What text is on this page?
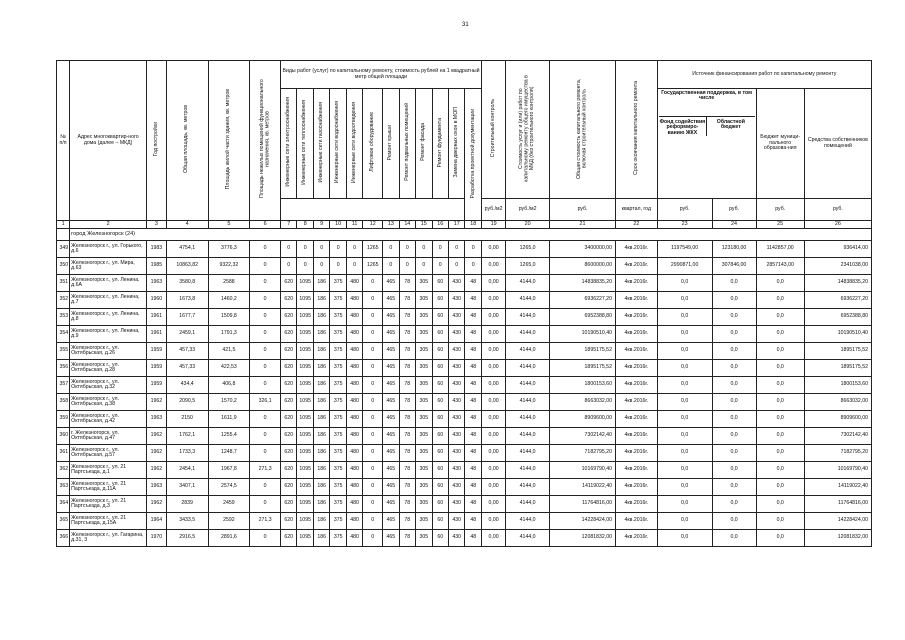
31
№ п/п	Адрес многоквартир-ного дома (далее – МКД)	Год постройки	Общая площадь, кв. метров	Площадь жилой части здания, кв. метров	Площадь нежилых помещений функционального назначения, кв. метров	Виды работ (услуг) по капитальному ремонту, стоимость рублей на 1 квадратный метр общей площади												Строительный контроль	Стоимость услуг и (или) работ по капитальному ремонту общего имущества в МКД (без строительного контроля)	Общая стоимость капитального ремонта, включая строительный контроль	Срок окончания капитального ремонта	Источник финансирования работ по капитальному ремонту			
						Инженерные сети электроснабжения	Инженерные сети теплоснабжения	Инженерные сети газоснабжения	Инженерные сети водоснабжения	Инженерные сети водоотведения	Лифтовое оборудование	Ремонт крыши	Ремонт подвальных помещений	Ремонт фасада	Ремонт фундамента	Замена дверных окон в МОП	Разработка проектной документации					Государственная поддержка, в том числе
Фонд содействия реформиро-ванию ЖКХ
Областной бюджет		Бюджет муници-пального образова-ния	Средства собственников помещений
																		руб./м2	руб./м2	руб.	квартал, год	руб.	руб.	руб.	руб.
1	2	3	4	5	6	7	8	9	10	11	12	13	14	15	16	17	18	19	20	21	22	23	24	25	26
	город Железногорск (24)																								
349	Железногорск г., ул. Горького, д.6	1983	4754,1	3776,3	0	0	0	0	0	0	1265	0	0	0	0	0	0	0,00	1265,0	3400000,00	4кв.2016г.	1197549,00	123180,00	1142857,00	936414,00
350	Железногорск г., ул. Мира, д.63	1985	10863,82	9322,32	0	0	0	0	0	0	1265	0	0	0	0	0	0	0,00	1265,0	8600000,00	4кв.2016г.	2990871,00	307846,00	2857143,00	2341038,00
351	Железногорск г., ул. Ленина, д.6А	1963	3580,8	2588	0	620	1095	186	375	480	0	465	78	305	60	430	48	0,00	4144,0	14838835,20	4кв.2016г.	0,0	0,0	0,0	14838835,20
352	Железногорск г., ул. Ленина, д.7	1960	1673,8	1460,2	0	620	1095	186	375	480	0	465	78	305	60	430	48	0,00	4144,0	6936227,20	4кв.2016г.	0,0	0,0	0,0	6936227,20
353	Железногорск г., ул. Ленина, д.8	1961	1677,7	1509,8	0	620	1095	186	375	480	0	465	78	305	60	430	48	0,00	4144,0	6952388,80	4кв.2016г.	0,0	0,0	0,0	6952388,80
354	Железногорск г., ул. Ленина, д.9	1961	2459,1	1791,3	0	620	1095	186	375	480	0	465	78	305	60	430	48	0,00	4144,0	10190510,40	4кв.2016г.	0,0	0,0	0,0	10190510,40
355	Железногорск г., ул. Октябрьская, д.26	1959	457,33	421,5	0	620	1095	186	375	480	0	465	78	305	60	430	48	0,00	4144,0	1895175,52	4кв.2016г.	0,0	0,0	0,0	1895175,52
356	Железногорск г., ул. Октябрьская, д.28	1959	457,33	422,53	0	620	1095	186	375	480	0	465	78	305	60	430	48	0,00	4144,0	1895175,52	4кв.2016г.	0,0	0,0	0,0	1895175,52
357	Железногорск г., ул. Октябрьская, д.32	1959	434,4	406,8	0	620	1095	186	375	480	0	465	78	305	60	430	48	0,00	4144,0	1800153,60	4кв.2016г.	0,0	0,0	0,0	1800153,60
358	Железногорск г., ул. Октябрьская, д.38	1962	2090,5	1570,2	326,1	620	1095	186	375	480	0	465	78	305	60	430	48	0,00	4144,0	8663032,00	4кв.2016г.	0,0	0,0	0,0	8663032,00
359	Железногорск г., ул. Октябрьская, д.42	1963	2150	1611,9	0	620	1095	186	375	480	0	465	78	305	60	430	48	0,00	4144,0	8909600,00	4кв.2016г.	0,0	0,0	0,0	8909600,00
360	г. Железногорск, ул. Октябрьская, д.47	1962	1762,1	1255,4	0	620	1095	186	375	480	0	465	78	305	60	430	48	0,00	4144,0	7302142,40	4кв.2016г.	0,0	0,0	0,0	7302142,40
361	Железногорск г., ул. Октябрьская, д.57	1962	1733,3	1248,7	0	620	1095	186	375	480	0	465	78	305	60	430	48	0,00	4144,0	7182795,20	4кв.2016г.	0,0	0,0	0,0	7182795,20
362	Железногорск г., ул. 21 Партсъезда, д.1	1962	2454,1	1967,8	271,3	620	1095	186	375	480	0	465	78	305	60	430	48	0,00	4144,0	10169790,40	4кв.2016г.	0,0	0,0	0,0	10169790,40
363	Железногорск г., ул. 21 Партсъезда, д.11А	1963	3407,1	2574,5	0	620	1095	186	375	480	0	465	78	305	60	430	48	0,00	4144,0	14119022,40	4кв.2016г.	0,0	0,0	0,0	14119022,40
364	Железногорск г., ул. 21 Партсъезда, д.3	1962	2839	2459	0	620	1095	186	375	480	0	465	78	305	60	430	48	0,00	4144,0	11764816,00	4кв.2016г.	0,0	0,0	0,0	11764816,00
365	Железногорск г., ул. 21 Партсъезда, д.15А	1964	3433,5	2592	271,3	620	1095	186	375	480	0	465	78	305	60	430	48	0,00	4144,0	14228424,00	4кв.2016г.	0,0	0,0	0,0	14228424,00
366	Железногорск г., ул. Гагарина, д.31, 3	1970	2916,5	2891,6	0	620	1095	186	375	480	0	465	78	305	60	430	48	0,00	4144,0	12081832,00	4кв.2016г.	0,0	0,0	0,0	12081832,00
